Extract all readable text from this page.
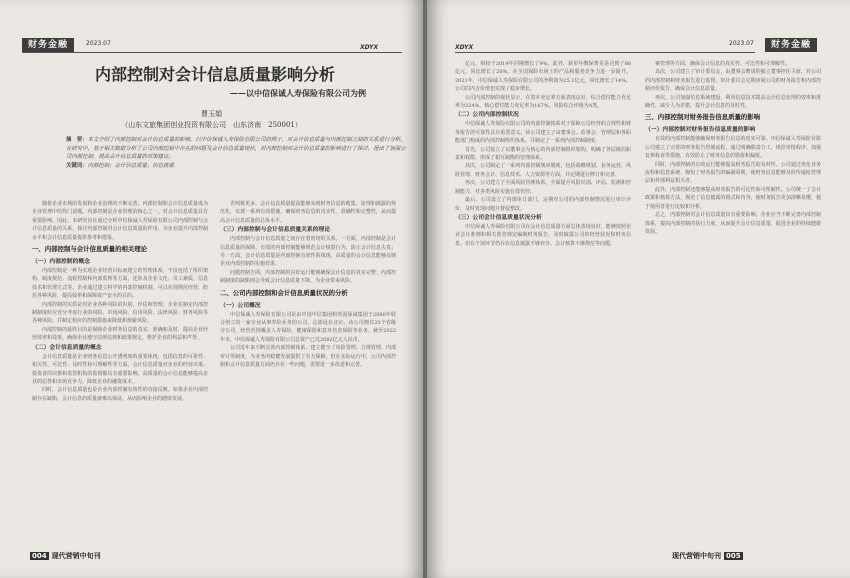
财务金融	2023.07
XDYX
内部控制对会计信息质量影响分析
——以中信保诚人寿保险有限公司为例
曹玉娟
（山东文旅集团创业投资有限公司　山东济南　250001）
摘　要：本文介绍了内部控制对会计信息质量的影响，以中信保诚人寿保险有限公司的例子，对会计信息质量与内部控制之间的关系进行分析。在研究中，基于相关数据分析了公司内部控制中存在的问题及会计信息质量现状，对内部控制对会计信息质量的影响进行了探讨，提出了加强公司内部控制、提高会计信息质量的对策建议。
关键词：内部控制；会计信息质量；信息披露
随着企业市场的发展和企业治理的不断完善，内部控制和会计信息质量成为企业管理中的热门话题。内部控制是企业管理的核心之一，对会计信息质量具有重要影响。因此，本研究旨在通过分析中信保诚人寿保险有限公司内部控制与会计信息质量的关系，探讨内部控制对会计信息质量的作用，为企业提升内部控制水平和会计信息质量提供参考和借鉴。
一、内部控制与会计信息质量的相关理论
（一）内部控制的概念
内部控制是一种为实现企业经营目标而建立的管理体系，不仅包括了组织架构、制度规范、流程控制和内部监督等方面，还涉及企业文化、员工素质、信息技术和管理方式等。企业通过建立科学的内部控制机制，可以实现规范经营，防范各种风险，提高效率和保障资产安全的目的。
内部控制的实质是对企业各种风险的识别、评估和管理。企业在制定内部控制制度时应充分考虑行业的风险、市场风险、信用风险、法律风险、财务风险等各种风险，并制定相应的控制措施来降低和规避风险。
内部控制的最终目的是保障企业财务信息的真实、准确和及时，提高企业经营效率和效果，确保企业遵守法律法规和政策规定，维护企业的利益和声誉。
（二）会计信息质量的概念
会计信息质量是企业财务信息公开透明度的重要体现，包括信息的可靠性、相关性、可比性、及时性和可理解性等方面。会计信息质量对企业的经营决策、投资者的决策和监管机构的监督都具有重要影响。高质量的会计信息能够提高企业的信誉和市场竞争力，降低企业的融资成本。
同时，会计信息质量也是企业内部控制有效性的直接反映。如果企业内部控制存在缺陷，会计信息的质量就难以保证，从而影响企业的健康发展。
否则将更多。会计信息质量提高能够实现财务信息的收集、处理和披露的规范化，实现一系列有效措施，确保财务信息的真实性、准确性和完整性，从而提高会计信息质量的总体水平。
（三）内部控制与会计信息质量关系的理论
内部控制与会计信息质量之间存在着密切的关系。一方面，内部控制是会计信息质量的保障，有效的内部控制能够规范会计核算行为，防止会计信息失真；另一方面，会计信息质量是内部控制有效性的体现，高质量的会计信息能够反映企业内部控制的实施效果。
问题控制方面，内部控制的良好运行能够确保会计信息的真实完整；内部控制制度的缺陷则会导致会计信息质量下降，为企业带来风险。
二、公司内部控制和会计信息质量状况的分析
（一）公司概况
中信保诚人寿保险有限公司是由中国中信集团和英国保诚集团于2000年联合创立的一家专业从事寿险业务的公司，总部设在北京。该公司拥有23个省级分公司，经营范围覆盖人寿保险、健康保险和意外伤害保险等业务。截至2022年末，中信保诚人寿保险有限公司总资产已达2082亿元人民币。
公司近年来不断完善内部控制体系，建立健全了风险管理、合规管理、内部审计等制度，为业务的稳健发展提供了有力保障。但在实际运行中，公司内部控制和会计信息质量方面仍存在一些问题，需要进一步改进和完善。
004 现代营销中旬刊
XDYX
2023.07	财务金融
亿元，相较于2019年同期增长了9%。此外，新单年缴保费更是达到了88亿元，同比增长了20%，在全国保险市场上的产品和服务竞争力进一步提升。2021年，中信保诚人寿保险有限公司的净利润为25.1亿元，同比增长了14%。公司的内含价值也实现了稳步增长。
公司内部控制的现状显示，在资本充足率方面表现良好，综合偿付能力充足率为224%，核心偿付能力充足率为167%，风险综合评级为A类。
（二）公司内部控制状况
中信保诚人寿保险有限公司的内部控制体系对于保障公司经营的合规性和财务报告的可靠性具有重要意义。该公司建立了由董事会、监事会、管理层和各职能部门构成的内部控制组织体系，并制定了一系列内部控制制度。
首先，公司设立了以董事会为核心的内部控制组织架构，明确了各层级的职责和权限，形成了相互制衡的管理体系。
其次，公司制定了一系列内部控制规章制度，包括战略规划、业务运营、风险管理、财务会计、信息技术、人力资源等方面，并定期进行修订和完善。
再次，公司建立了全面风险管理体系，全面提升风险识别、评估、监测和控制能力，对各类风险实施有效管控。
最后，公司设立了内部审计部门，定期对公司的内部控制情况进行审计评价，及时发现问题并督促整改。
（三）公司会计信息质量状况分析
中信保诚人寿保险有限公司在会计信息质量方面总体表现良好，能够按照企业会计准则和相关监管规定编制财务报告，及时披露公司的经营状况和财务信息。但在个别环节仍存在信息披露不够充分、会计核算不够规范等问题。
案管理等方面，确保会计信息的真实性、可比性和可理解性。
其次，公司建立了审计委员会，由董事会聘请的独立董事担任主席，对公司的内部控制和财务报告进行监督。审计委员会定期审阅公司的财务报告和内部控制评价报告，确保会计信息质量。
再次，公司加强信息系统建设，利用信息技术提高会计信息处理的效率和准确性，减少人为差错，提升会计信息的及时性。
三、内部控制对财务报告信息质量的影响
（一）内部控制对财务报告信息质量的影响
有效的内部控制能够确保财务报告信息的真实可靠。中信保诚人寿保险有限公司建立了完善的财务报告控制流程，通过明确职责分工、规范审批程序、加强复核检查等措施，有效防止了财务信息的错报和漏报。
同时，内部控制的有效运行能够提高财务报告的及时性。公司通过优化业务流程和信息系统，缩短了财务报告的编制周期，使财务信息能够及时传递给管理层和外部利益相关者。
此外，内部控制还能够提高财务报告的可比性和可理解性。公司统一了会计政策和核算方法，规范了信息披露的格式和内容，使财务报告更加清晰易懂，便于使用者进行比较和分析。
总之，内部控制对会计信息质量具有重要影响。企业应当不断完善内部控制体系，提高内部控制的执行力度，从而提升会计信息质量，促进企业的持续健康发展。
现代营销中旬刊 005
